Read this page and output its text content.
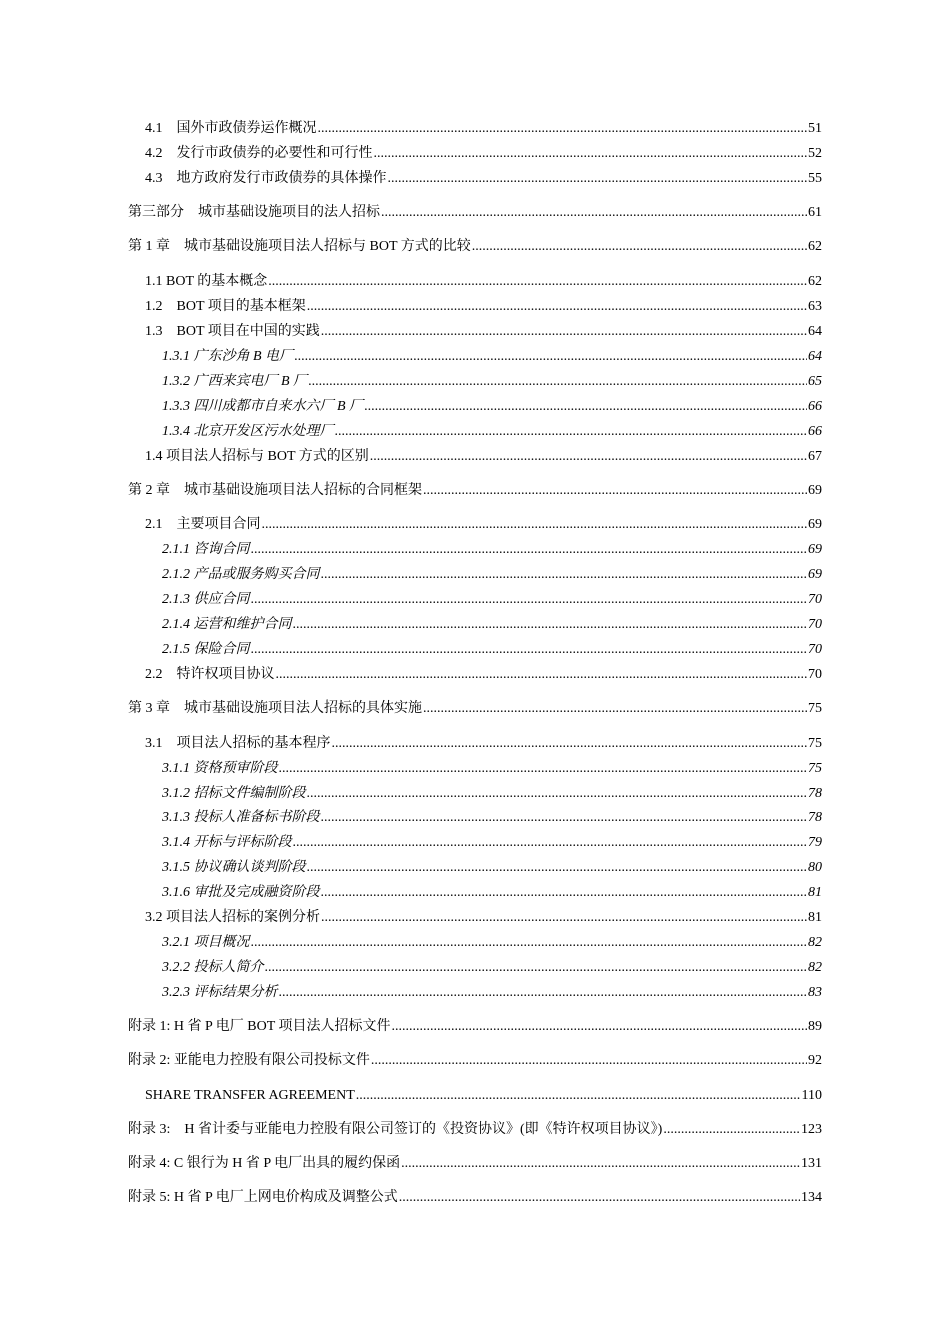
4.1　国外市政债券运作概况 .....	51
4.2　发行市政债券的必要性和可行性 .....	52
4.3　地方政府发行市政债券的具体操作 .....	55
第三部分　城市基础设施项目的法人招标 .....	61
第 1 章　城市基础设施项目法人招标与 BOT 方式的比较 .....	62
1.1 BOT 的基本概念 .....	62
1.2　BOT 项目的基本框架 .....	63
1.3　BOT 项目在中国的实践 .....	64
1.3.1 广东沙角 B 电厂 .....	64
1.3.2 广西来宾电厂 B 厂 .....	65
1.3.3 四川成都市自来水六厂 B 厂 .....	66
1.3.4 北京开发区污水处理厂 .....	66
1.4 项目法人招标与 BOT 方式的区别 .....	67
第 2 章　城市基础设施项目法人招标的合同框架 .....	69
2.1　主要项目合同 .....	69
2.1.1 咨询合同 .....	69
2.1.2 产品或服务购买合同 .....	69
2.1.3 供应合同 .....	70
2.1.4 运营和维护合同 .....	70
2.1.5 保险合同 .....	70
2.2　特许权项目协议 .....	70
第 3 章　城市基础设施项目法人招标的具体实施 .....	75
3.1　项目法人招标的基本程序 .....	75
3.1.1 资格预审阶段 .....	75
3.1.2 招标文件编制阶段 .....	78
3.1.3 投标人准备标书阶段 .....	78
3.1.4 开标与评标阶段 .....	79
3.1.5 协议确认谈判阶段 .....	80
3.1.6 审批及完成融资阶段 .....	81
3.2 项目法人招标的案例分析 .....	81
3.2.1 项目概况 .....	82
3.2.2 投标人简介 .....	82
3.2.3 评标结果分析 .....	83
附录 1: H 省 P 电厂 BOT 项目法人招标文件 .....	89
附录 2: 亚能电力控股有限公司投标文件 .....	92
SHARE TRANSFER AGREEMENT .....	110
附录 3:　H 省计委与亚能电力控股有限公司签订的《投资协议》(即《特许权项目协议》) .....	123
附录 4: C 银行为 H 省 P 电厂出具的履约保函 .....	131
附录 5: H 省 P 电厂上网电价构成及调整公式 .....	134
